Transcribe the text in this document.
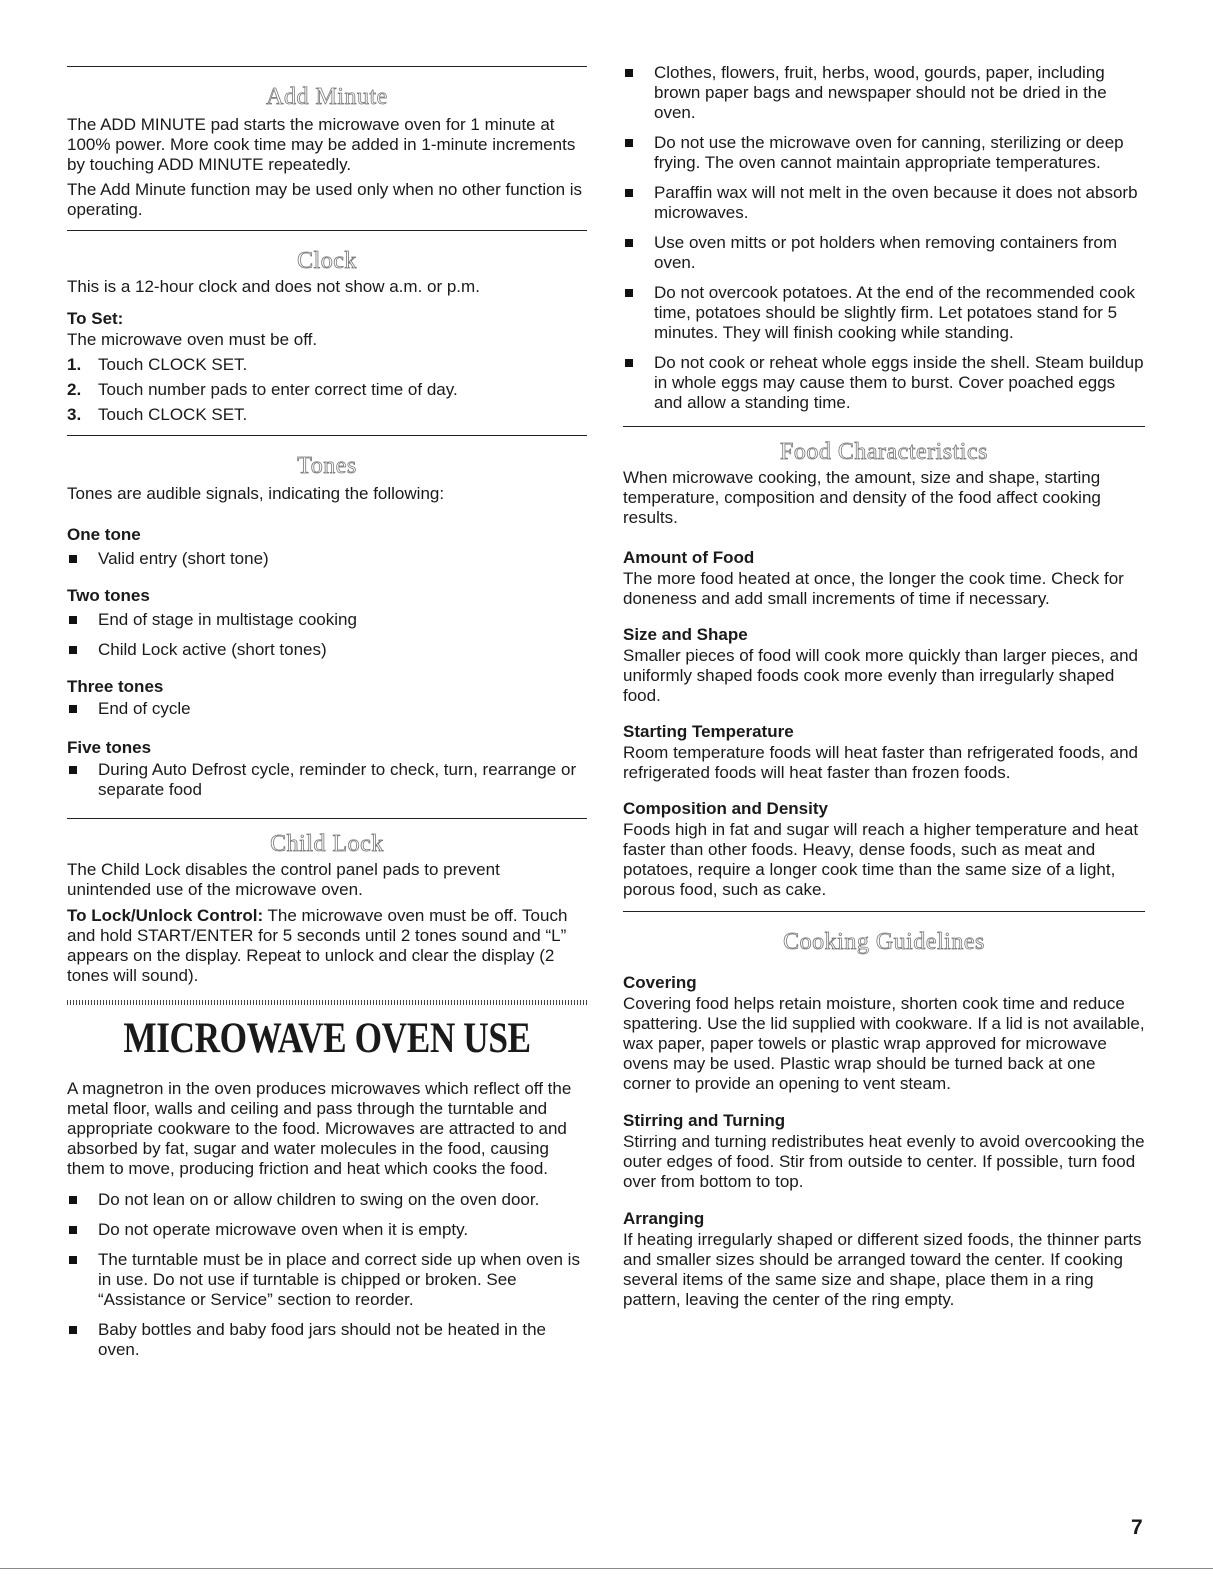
Add Minute

The ADD MINUTE pad starts the microwave oven for 1 minute at 100% power. More cook time may be added in 1-minute increments by touching ADD MINUTE repeatedly.

The Add Minute function may be used only when no other function is operating.

Clock

This is a 12-hour clock and does not show a.m. or p.m.

To Set:

The microwave oven must be off.

1. Touch CLOCK SET.
2. Touch number pads to enter correct time of day.
3. Touch CLOCK SET.
Tones

Tones are audible signals, indicating the following:

One tone
Valid entry (short tone)
Two tones
End of stage in multistage cooking
Child Lock active (short tones)
Three tones
End of cycle
Five tones
During Auto Defrost cycle, reminder to check, turn, rearrange or separate food
Child Lock

The Child Lock disables the control panel pads to prevent unintended use of the microwave oven.

To Lock/Unlock Control: The microwave oven must be off. Touch and hold START/ENTER for 5 seconds until 2 tones sound and “L” appears on the display. Repeat to unlock and clear the display (2 tones will sound).

MICROWAVE OVEN USE

A magnetron in the oven produces microwaves which reflect off the metal floor, walls and ceiling and pass through the turntable and appropriate cookware to the food. Microwaves are attracted to and absorbed by fat, sugar and water molecules in the food, causing them to move, producing friction and heat which cooks the food.

Do not lean on or allow children to swing on the oven door.
Do not operate microwave oven when it is empty.
The turntable must be in place and correct side up when oven is in use. Do not use if turntable is chipped or broken. See “Assistance or Service” section to reorder.
Baby bottles and baby food jars should not be heated in the oven.
Clothes, flowers, fruit, herbs, wood, gourds, paper, including brown paper bags and newspaper should not be dried in the oven.
Do not use the microwave oven for canning, sterilizing or deep frying. The oven cannot maintain appropriate temperatures.
Paraffin wax will not melt in the oven because it does not absorb microwaves.
Use oven mitts or pot holders when removing containers from oven.
Do not overcook potatoes. At the end of the recommended cook time, potatoes should be slightly firm. Let potatoes stand for 5 minutes. They will finish cooking while standing.
Do not cook or reheat whole eggs inside the shell. Steam buildup in whole eggs may cause them to burst. Cover poached eggs and allow a standing time.
Food Characteristics

When microwave cooking, the amount, size and shape, starting temperature, composition and density of the food affect cooking results.

Amount of Food

The more food heated at once, the longer the cook time. Check for doneness and add small increments of time if necessary.

Size and Shape

Smaller pieces of food will cook more quickly than larger pieces, and uniformly shaped foods cook more evenly than irregularly shaped food.

Starting Temperature

Room temperature foods will heat faster than refrigerated foods, and refrigerated foods will heat faster than frozen foods.

Composition and Density

Foods high in fat and sugar will reach a higher temperature and heat faster than other foods. Heavy, dense foods, such as meat and potatoes, require a longer cook time than the same size of a light, porous food, such as cake.

Cooking Guidelines
Covering

Covering food helps retain moisture, shorten cook time and reduce spattering. Use the lid supplied with cookware. If a lid is not available, wax paper, paper towels or plastic wrap approved for microwave ovens may be used. Plastic wrap should be turned back at one corner to provide an opening to vent steam.

Stirring and Turning

Stirring and turning redistributes heat evenly to avoid overcooking the outer edges of food. Stir from outside to center. If possible, turn food over from bottom to top.

Arranging

If heating irregularly shaped or different sized foods, the thinner parts and smaller sizes should be arranged toward the center. If cooking several items of the same size and shape, place them in a ring pattern, leaving the center of the ring empty.

7
